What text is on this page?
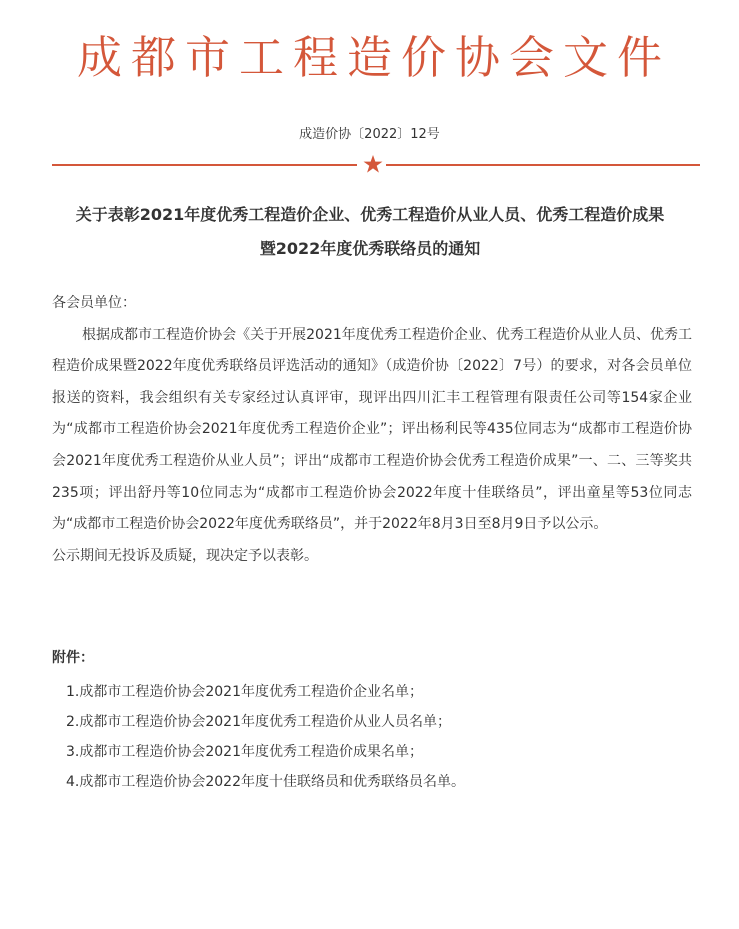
成都市工程造价协会文件
成造价协〔2022〕12号
关于表彰2021年度优秀工程造价企业、优秀工程造价从业人员、优秀工程造价成果
暨2022年度优秀联络员的通知

各会员单位：

根据成都市工程造价协会《关于开展2021年度优秀工程造价企业、优秀工程造价从业人员、优秀工程造价成果暨2022年度优秀联络员评选活动的通知》（成造价协〔2022〕7号）的要求，对各会员单位报送的资料，我会组织有关专家经过认真评审，现评出四川汇丰工程管理有限责任公司等154家企业为“成都市工程造价协会2021年度优秀工程造价企业”；评出杨利民等435位同志为“成都市工程造价协会2021年度优秀工程造价从业人员”；评出“成都市工程造价协会优秀工程造价成果”一、二、三等奖共235项；评出舒丹等10位同志为“成都市工程造价协会2022年度十佳联络员”，评出童星等53位同志为“成都市工程造价协会2022年度优秀联络员”，并于2022年8月3日至8月9日予以公示。

公示期间无投诉及质疑，现决定予以表彰。

附件：

1.成都市工程造价协会2021年度优秀工程造价企业名单；

2.成都市工程造价协会2021年度优秀工程造价从业人员名单；

3.成都市工程造价协会2021年度优秀工程造价成果名单；

4.成都市工程造价协会2022年度十佳联络员和优秀联络员名单。
